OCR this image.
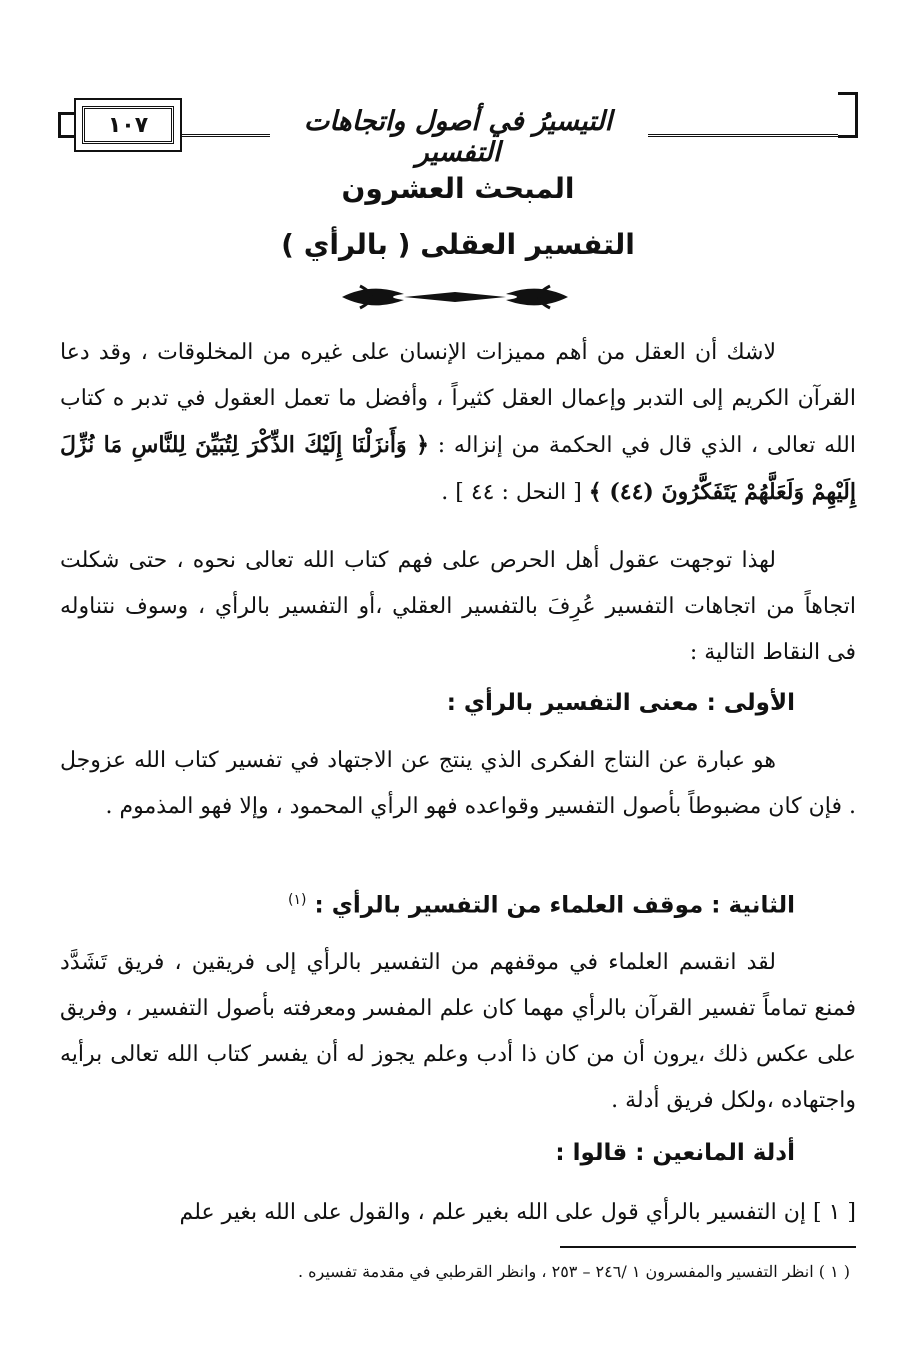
١٠٧	التيسيرُ في أصول واتجاهات التفسير
المبحث العشرون
التفسير العقلى ( بالرأي )
لاشك أن العقل من أهم مميزات الإنسان على غيره من المخلوقات ، وقد دعا القرآن الكريم إلى التدبر وإعمال العقل كثيراً ، وأفضل ما تعمل العقول في تدبر ه كتاب الله تعالى ، الذي قال في الحكمة من إنزاله : ﴿ وَأَنزَلْنَا إِلَيْكَ الذِّكْرَ لِتُبَيِّنَ لِلنَّاسِ مَا نُزِّلَ إِلَيْهِمْ وَلَعَلَّهُمْ يَتَفَكَّرُونَ (٤٤) ﴾ [ النحل : ٤٤ ] .
لهذا توجهت عقول أهل الحرص على فهم كتاب الله تعالى نحوه ، حتى شكلت اتجاهاً من اتجاهات التفسير عُرِفَ بالتفسير العقلي ،أو التفسير بالرأي ، وسوف نتناوله فى النقاط التالية :
الأولى : معنى التفسير بالرأي :
هو عبارة عن النتاج الفكرى الذي ينتج عن الاجتهاد في تفسير كتاب الله عزوجل . فإن كان مضبوطاً بأصول التفسير وقواعده فهو الرأي المحمود ، وإلا فهو المذموم .
الثانية : موقف العلماء من التفسير بالرأي : $^{(١)}$
لقد انقسم العلماء في موقفهم من التفسير بالرأي إلى فريقين ، فريق تَشَدَّد فمنع تماماً تفسير القرآن بالرأي مهما كان علم المفسر ومعرفته بأصول التفسير ، وفريق على عكس ذلك ،يرون أن من كان ذا أدب وعلم يجوز له أن يفسر كتاب الله تعالى برأيه واجتهاده ،ولكل فريق أدلة .
أدلة المانعين : قالوا :
[ ١ ] إن التفسير بالرأي قول على الله بغير علم ، والقول على الله بغير علم
( ١ ) انظر التفسير والمفسرون ١ /٢٤٦ – ٢٥٣ ، وانظر القرطبي في مقدمة تفسيره .
